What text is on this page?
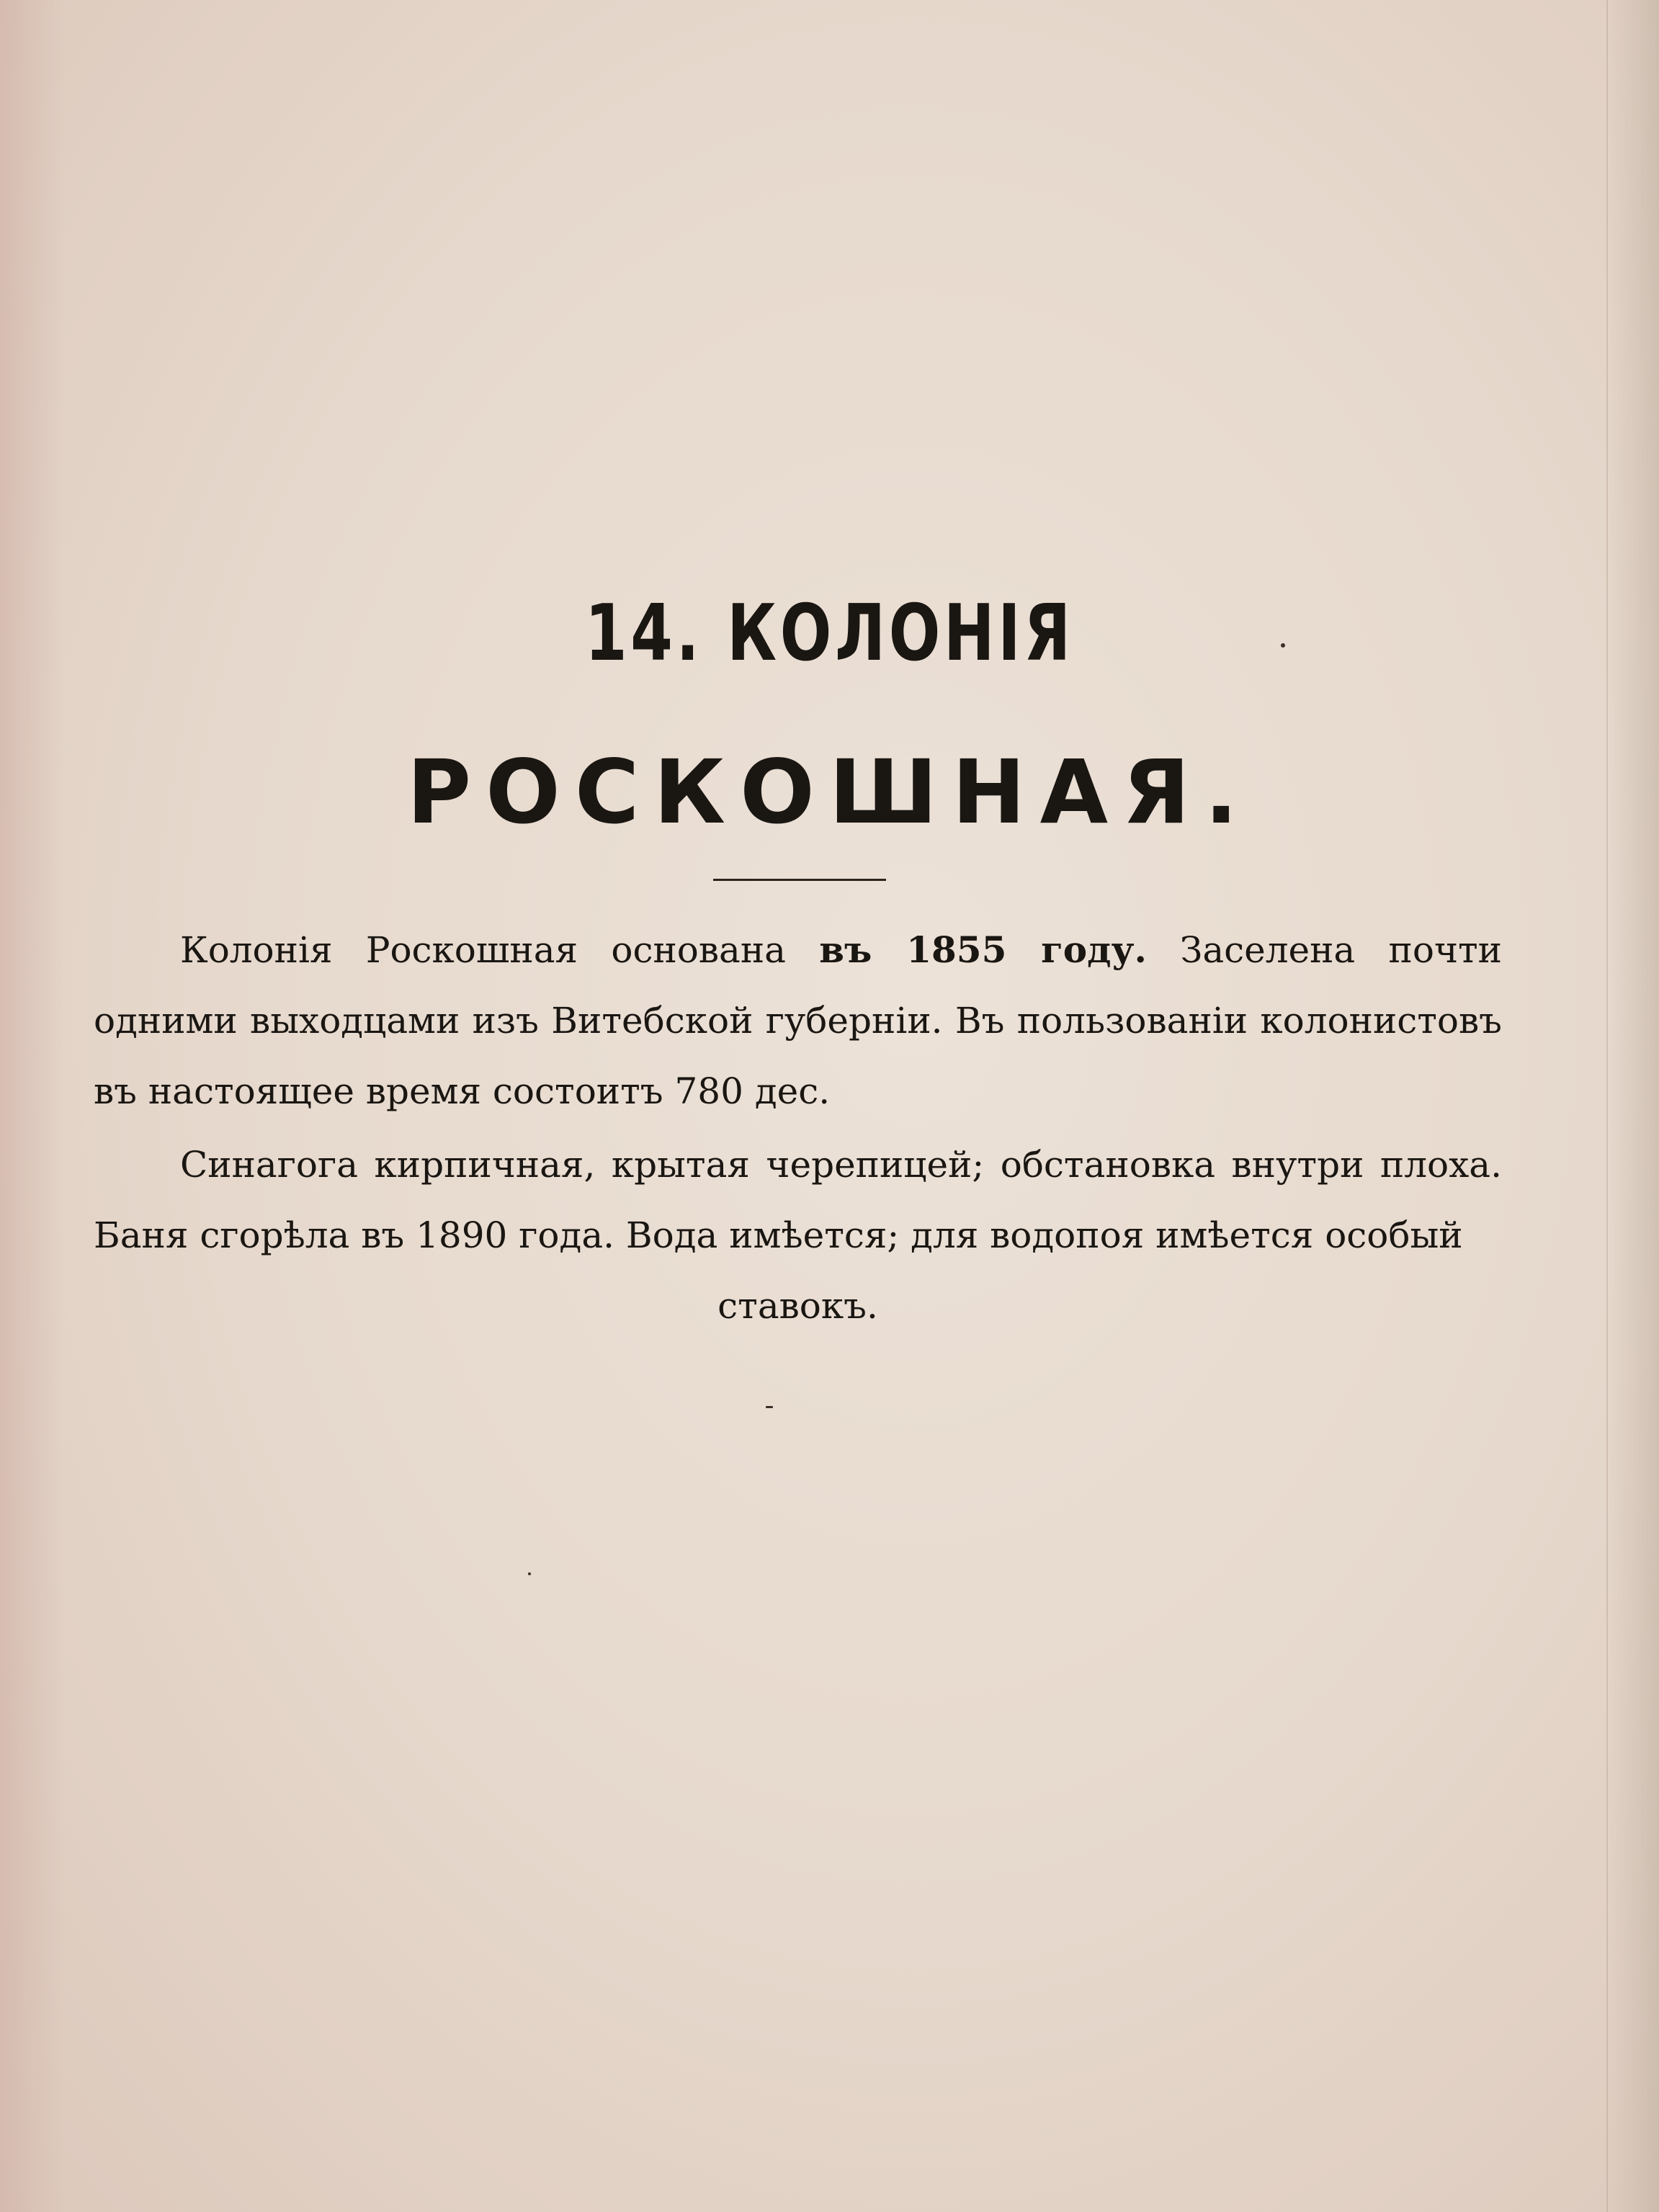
14. КОЛОНІЯ
РОСКОШНАЯ.

Колонія Роскошная основана въ 1855 году. Заселена почти одними выходцами изъ Витебской губерніи. Въ пользованіи колонистовъ въ настоящее время состоитъ 780 дес.

Синагога кирпичная, крытая черепицей; обстановка внутри плоха. Баня сгорѣла въ 1890 года. Вода имѣется; для водопоя имѣется особый

ставокъ.
